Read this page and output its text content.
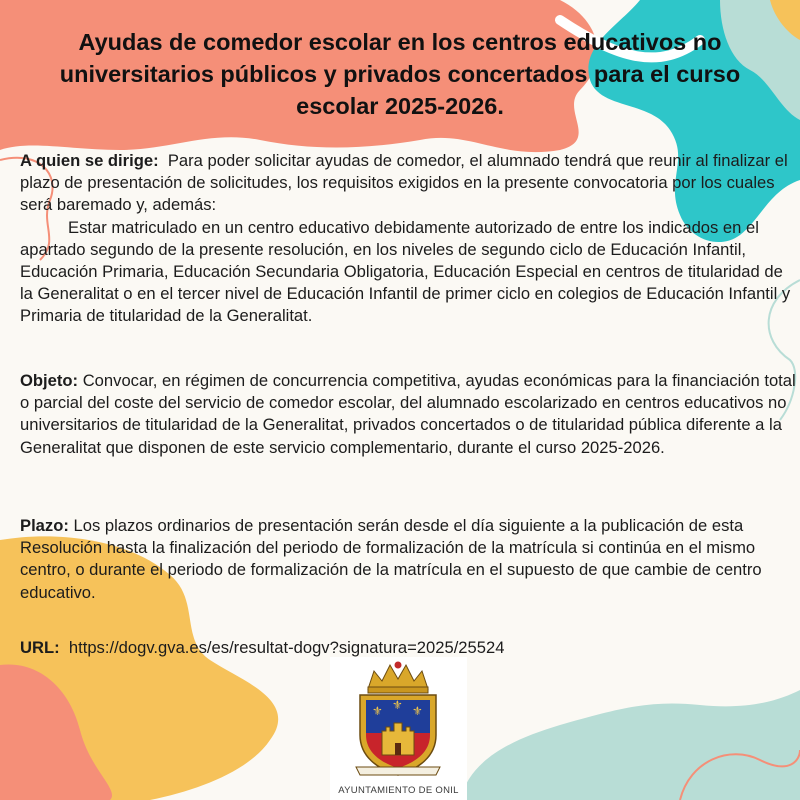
Ayudas de comedor escolar en los centros educativos no universitarios públicos y privados concertados para el curso escolar 2025-2026.

A quien se dirige: Para poder solicitar ayudas de comedor, el alumnado tendrá que reunir al finalizar el plazo de presentación de solicitudes, los requisitos exigidos en la presente convocatoria por los cuales será baremado y, además:
Estar matriculado en un centro educativo debidamente autorizado de entre los indicados en el apartado segundo de la presente resolución, en los niveles de segundo ciclo de Educación Infantil, Educación Primaria, Educación Secundaria Obligatoria, Educación Especial en centros de titularidad de la Generalitat o en el tercer nivel de Educación Infantil de primer ciclo en colegios de Educación Infantil y Primaria de titularidad de la Generalitat.

Objeto: Convocar, en régimen de concurrencia competitiva, ayudas económicas para la financiación total o parcial del coste del servicio de comedor escolar, del alumnado escolarizado en centros educativos no universitarios de titularidad de la Generalitat, privados concertados o de titularidad pública diferente a la Generalitat que disponen de este servicio complementario, durante el curso 2025-2026.

Plazo: Los plazos ordinarios de presentación serán desde el día siguiente a la publicación de esta Resolución hasta la finalización del periodo de formalización de la matrícula si continúa en el mismo centro, o durante el periodo de formalización de la matrícula en el supuesto de que cambie de centro educativo.

URL: https://dogv.gva.es/es/resultat-dogv?signatura=2025/25524

⚜ ⚜
⚜
AYUNTAMIENTO DE ONIL
